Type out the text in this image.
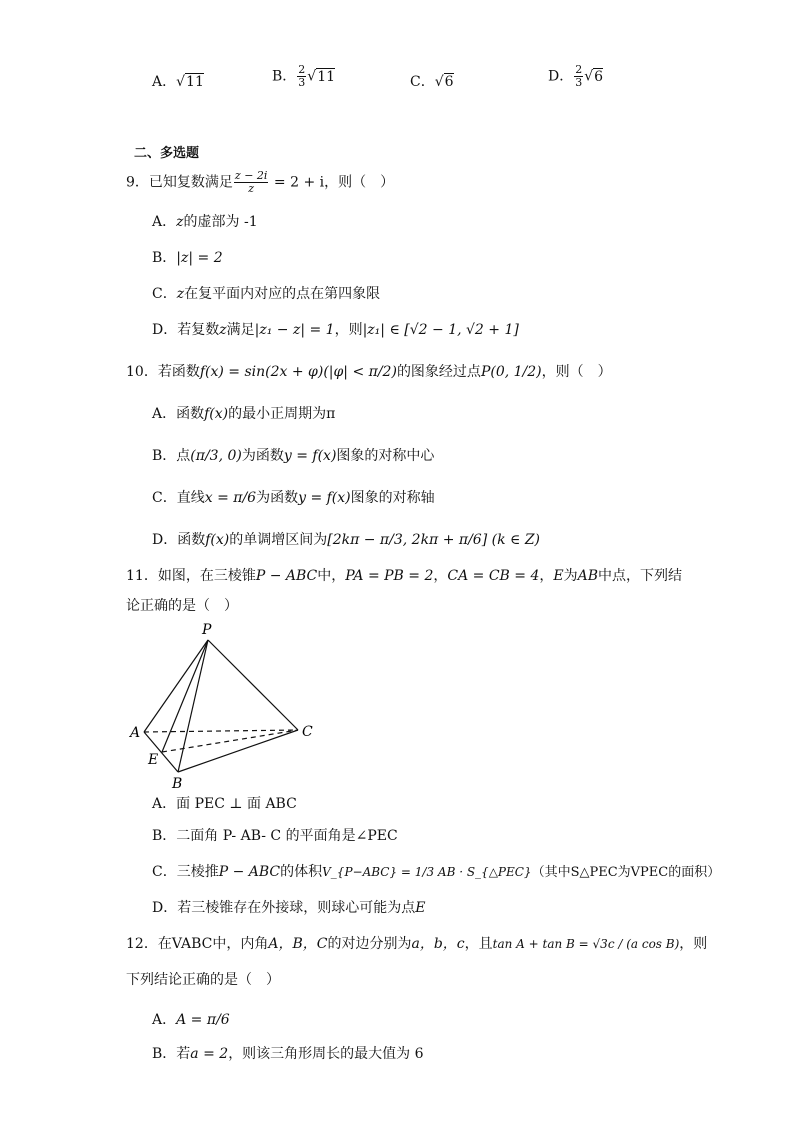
A．√11	B． $\frac{2}{3} √11$	C．√6	D． $\frac{2}{3} √6$
二、多选题
9．已知复数满足 $\frac{z - 2i}{z} = 2 + i$，则（　）
A．z的虚部为 -1
B．|z| = 2
C．z在复平面内对应的点在第四象限
D．若复数z满足|z₁ − z| = 1，则|z₁| ∈ [√2 − 1, √2 + 1]
10．若函数f(x) = sin(2x + φ)(|φ| < π/2)的图象经过点P(0, 1/2)，则（　）
A．函数f(x)的最小正周期为π
B．点(π/3, 0)为函数y = f(x)图象的对称中心
C．直线x = π/6为函数y = f(x)图象的对称轴
D．函数f(x)的单调增区间为[2kπ − π/3, 2kπ + π/6] (k ∈ Z)
11．如图，在三棱锥P − ABC中，PA = PB = 2，CA = CB = 4，E为AB中点，下列结
论正确的是（　）
P
A
E
B
C
A．面 PEC ⊥ 面 ABC
B．二面角 P- AB- C 的平面角是∠PEC
C．三棱推P − ABC的体积V_{P−ABC} = 1/3 AB · S_{△PEC}（其中S△PEC为VPEC的面积）
D．若三棱锥存在外接球，则球心可能为点E
12．在VABC中，内角A，B，C的对边分别为a，b，c，且tan A + tan B = √3c / (a cos B)，则
下列结论正确的是（　）
A．A = π/6
B．若a = 2，则该三角形周长的最大值为 6
